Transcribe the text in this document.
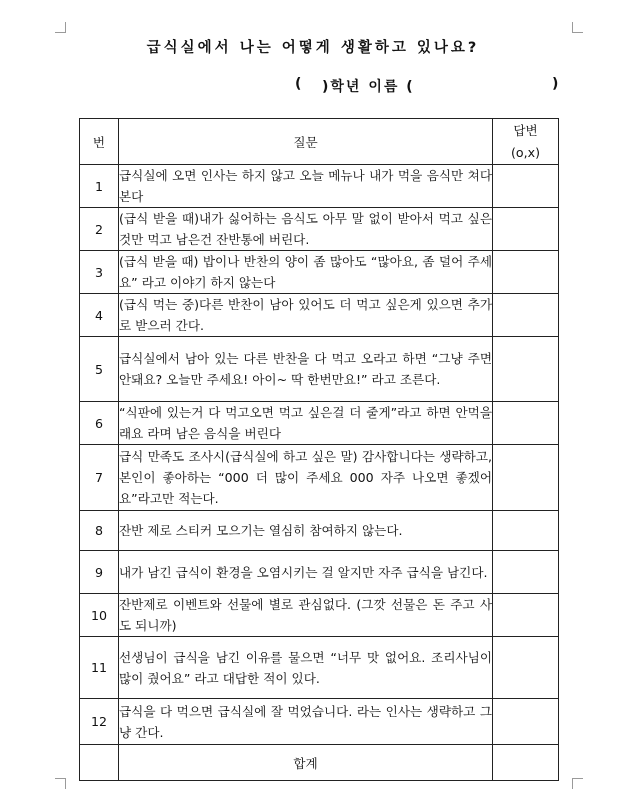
급식실에서 나는 어떻게 생활하고 있나요?
( )학년 이름 (	)
번	질문	답변
(o,x)

1	급식실에 오면 인사는 하지 않고 오늘 메뉴나 내가 먹을 음식만 쳐다본다	
2	(급식 받을 때)내가 싫어하는 음식도 아무 말 없이 받아서 먹고 싶은 것만 먹고 남은건 잔반통에 버린다.	
3	(급식 받을 때) 밥이나 반찬의 양이 좀 많아도 “많아요, 좀 덜어 주세요” 라고 이야기 하지 않는다	
4	(급식 먹는 중)다른 반찬이 남아 있어도 더 먹고 싶은게 있으면 추가로 받으러 간다.	
5	급식실에서 남아 있는 다른 반찬을 다 먹고 오라고 하면 “그냥 주면 안돼요? 오늘만 주세요! 아이~ 딱 한번만요!” 라고 조른다.	
6	“식판에 있는거 다 먹고오면 먹고 싶은걸 더 줄게”라고 하면 안먹을래요 라며 남은 음식을 버린다	
7	급식 만족도 조사시(급식실에 하고 싶은 말) 감사합니다는 생략하고, 본인이 좋아하는 “000 더 많이 주세요 000 자주 나오면 좋겠어요”라고만 적는다.	
8	잔반 제로 스티커 모으기는 열심히 참여하지 않는다.	
9	내가 남긴 급식이 환경을 오염시키는 걸 알지만 자주 급식을 남긴다.	
10	잔반제로 이벤트와 선물에 별로 관심없다. (그깟 선물은 돈 주고 사도 되니까)	
11	선생님이 급식을 남긴 이유를 물으면 “너무 맛 없어요. 조리사님이 많이 줬어요” 라고 대답한 적이 있다.	
12	급식을 다 먹으면 급식실에 잘 먹었습니다. 라는 인사는 생략하고 그냥 간다.	
	합계	
